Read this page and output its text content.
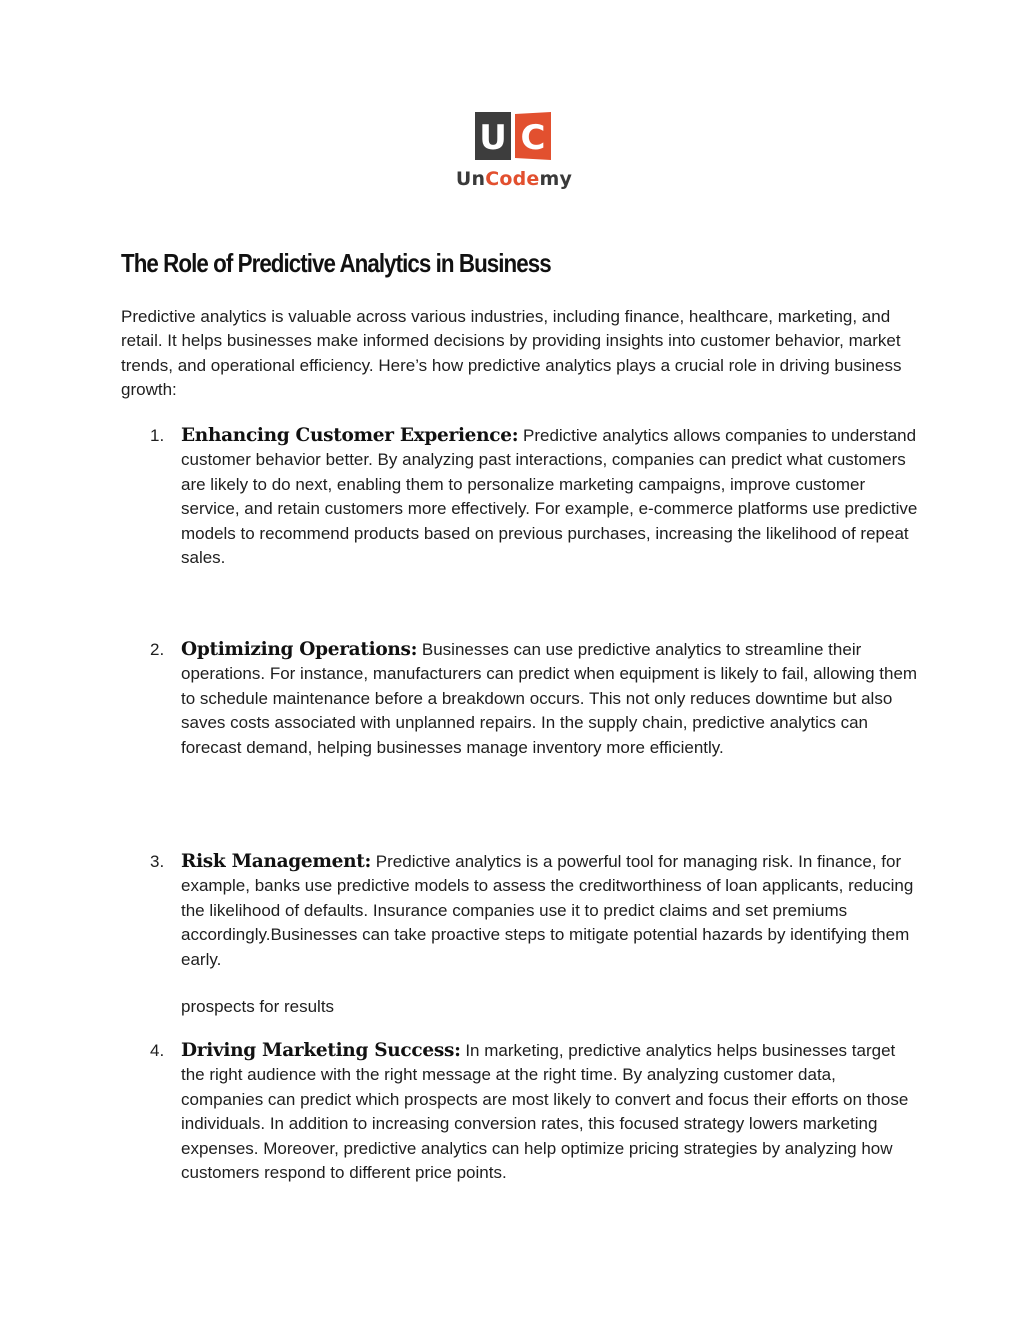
U · C
UnCodemy
The Role of Predictive Analytics in Business

Predictive analytics is valuable across various industries, including finance, healthcare, marketing, and retail. It helps businesses make informed decisions by providing insights into customer behavior, market trends, and operational efficiency. Here’s how predictive analytics plays a crucial role in driving business growth:

1. Enhancing Customer Experience: Predictive analytics allows companies to understand customer behavior better. By analyzing past interactions, companies can predict what customers are likely to do next, enabling them to personalize marketing campaigns, improve customer service, and retain customers more effectively. For example, e-commerce platforms use predictive models to recommend products based on previous purchases, increasing the likelihood of repeat sales.
2. Optimizing Operations: Businesses can use predictive analytics to streamline their operations. For instance, manufacturers can predict when equipment is likely to fail, allowing them to schedule maintenance before a breakdown occurs. This not only reduces downtime but also saves costs associated with unplanned repairs. In the supply chain, predictive analytics can forecast demand, helping businesses manage inventory more efficiently.
3. Risk Management: Predictive analytics is a powerful tool for managing risk. In finance, for example, banks use predictive models to assess the creditworthiness of loan applicants, reducing the likelihood of defaults. Insurance companies use it to predict claims and set premiums accordingly.Businesses can take proactive steps to mitigate potential hazards by identifying them early.

prospects for results

4. Driving Marketing Success: In marketing, predictive analytics helps businesses target the right audience with the right message at the right time. By analyzing customer data, companies can predict which prospects are most likely to convert and focus their efforts on those individuals. In addition to increasing conversion rates, this focused strategy lowers marketing expenses. Moreover, predictive analytics can help optimize pricing strategies by analyzing how customers respond to different price points.
